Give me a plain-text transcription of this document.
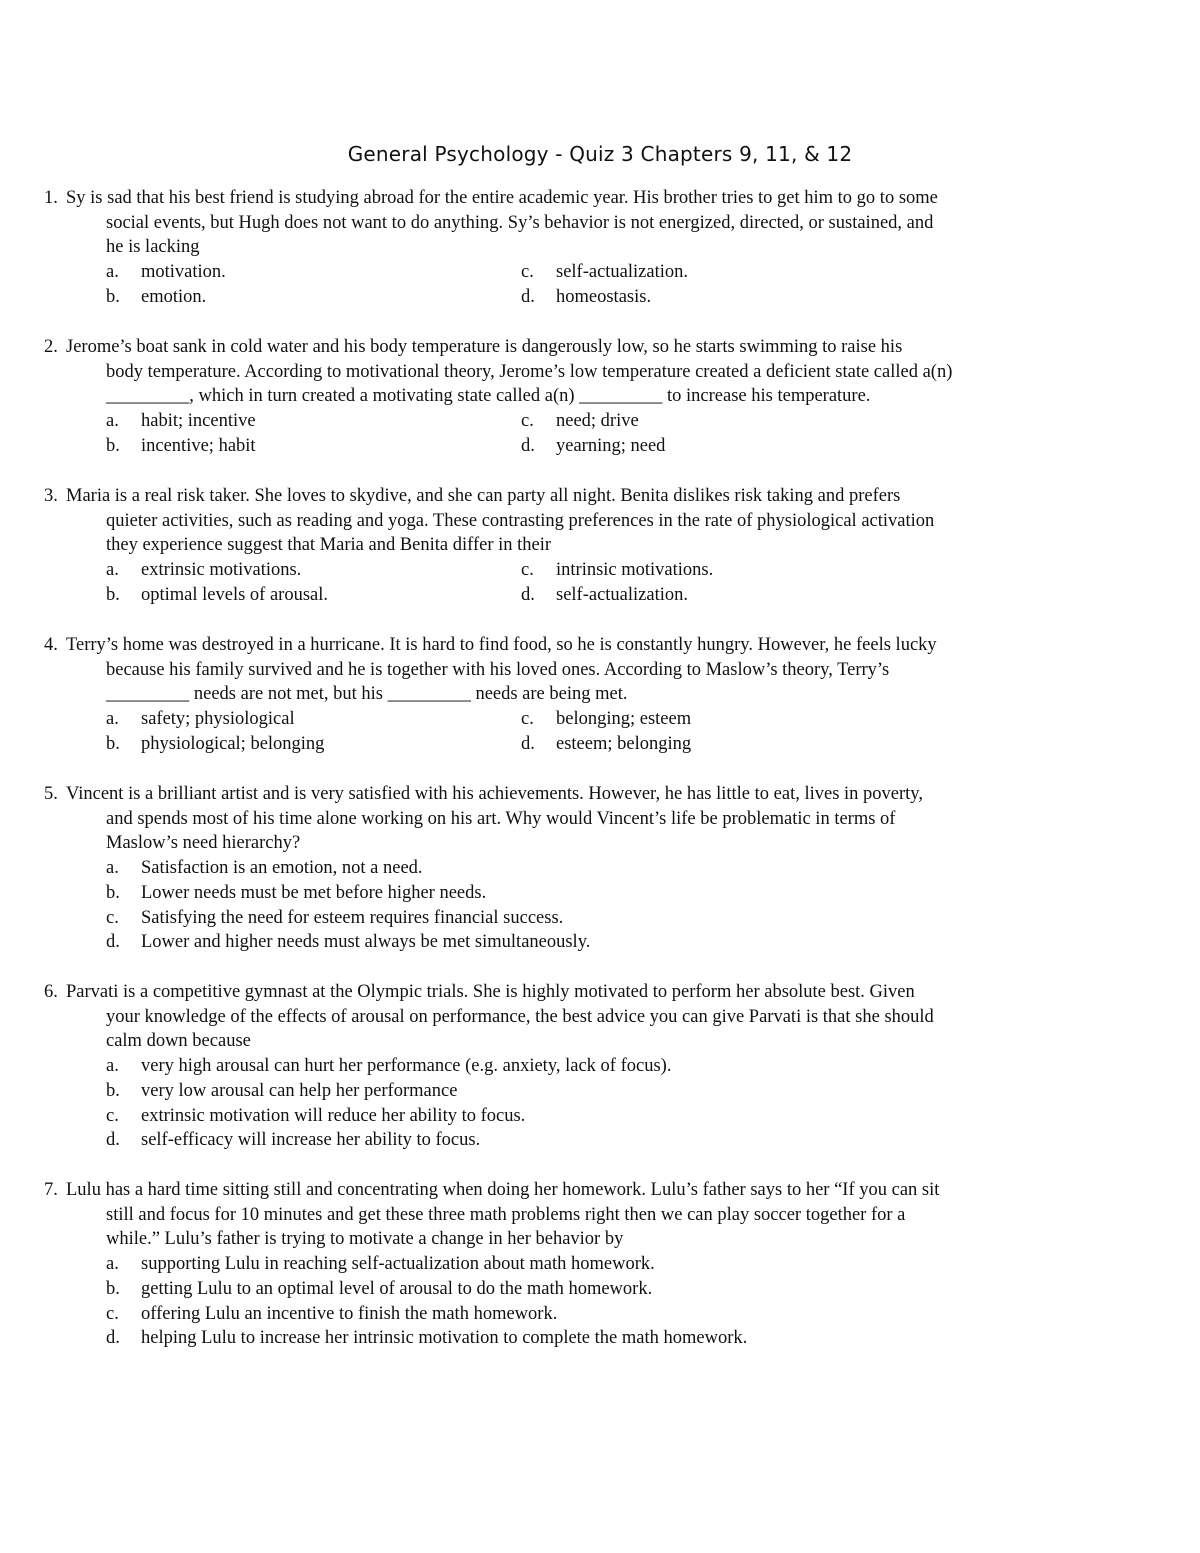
General Psychology - Quiz 3 Chapters 9, 11, & 12
1. Sy is sad that his best friend is studying abroad for the entire academic year. His brother tries to get him to go to some
social events, but Hugh does not want to do anything. Sy’s behavior is not energized, directed, or sustained, and
he is lacking
a. motivation.
b. emotion.
c. self-actualization.
d. homeostasis.
2. Jerome’s boat sank in cold water and his body temperature is dangerously low, so he starts swimming to raise his
body temperature. According to motivational theory, Jerome’s low temperature created a deficient state called a(n)
_________, which in turn created a motivating state called a(n) _________ to increase his temperature.
a. habit; incentive
b. incentive; habit
c. need; drive
d. yearning; need
3. Maria is a real risk taker. She loves to skydive, and she can party all night. Benita dislikes risk taking and prefers
quieter activities, such as reading and yoga. These contrasting preferences in the rate of physiological activation
they experience suggest that Maria and Benita differ in their
a. extrinsic motivations.
b. optimal levels of arousal.
c. intrinsic motivations.
d. self-actualization.
4. Terry’s home was destroyed in a hurricane. It is hard to find food, so he is constantly hungry. However, he feels lucky
because his family survived and he is together with his loved ones. According to Maslow’s theory, Terry’s
_________ needs are not met, but his _________ needs are being met.
a. safety; physiological
b. physiological; belonging
c. belonging; esteem
d. esteem; belonging
5. Vincent is a brilliant artist and is very satisfied with his achievements. However, he has little to eat, lives in poverty,
and spends most of his time alone working on his art. Why would Vincent’s life be problematic in terms of
Maslow’s need hierarchy?
a. Satisfaction is an emotion, not a need.
b. Lower needs must be met before higher needs.
c. Satisfying the need for esteem requires financial success.
d. Lower and higher needs must always be met simultaneously.
6. Parvati is a competitive gymnast at the Olympic trials. She is highly motivated to perform her absolute best. Given
your knowledge of the effects of arousal on performance, the best advice you can give Parvati is that she should
calm down because
a. very high arousal can hurt her performance (e.g. anxiety, lack of focus).
b. very low arousal can help her performance
c. extrinsic motivation will reduce her ability to focus.
d. self-efficacy will increase her ability to focus.
7. Lulu has a hard time sitting still and concentrating when doing her homework. Lulu’s father says to her “If you can sit
still and focus for 10 minutes and get these three math problems right then we can play soccer together for a
while.” Lulu’s father is trying to motivate a change in her behavior by
a. supporting Lulu in reaching self-actualization about math homework.
b. getting Lulu to an optimal level of arousal to do the math homework.
c. offering Lulu an incentive to finish the math homework.
d. helping Lulu to increase her intrinsic motivation to complete the math homework.
